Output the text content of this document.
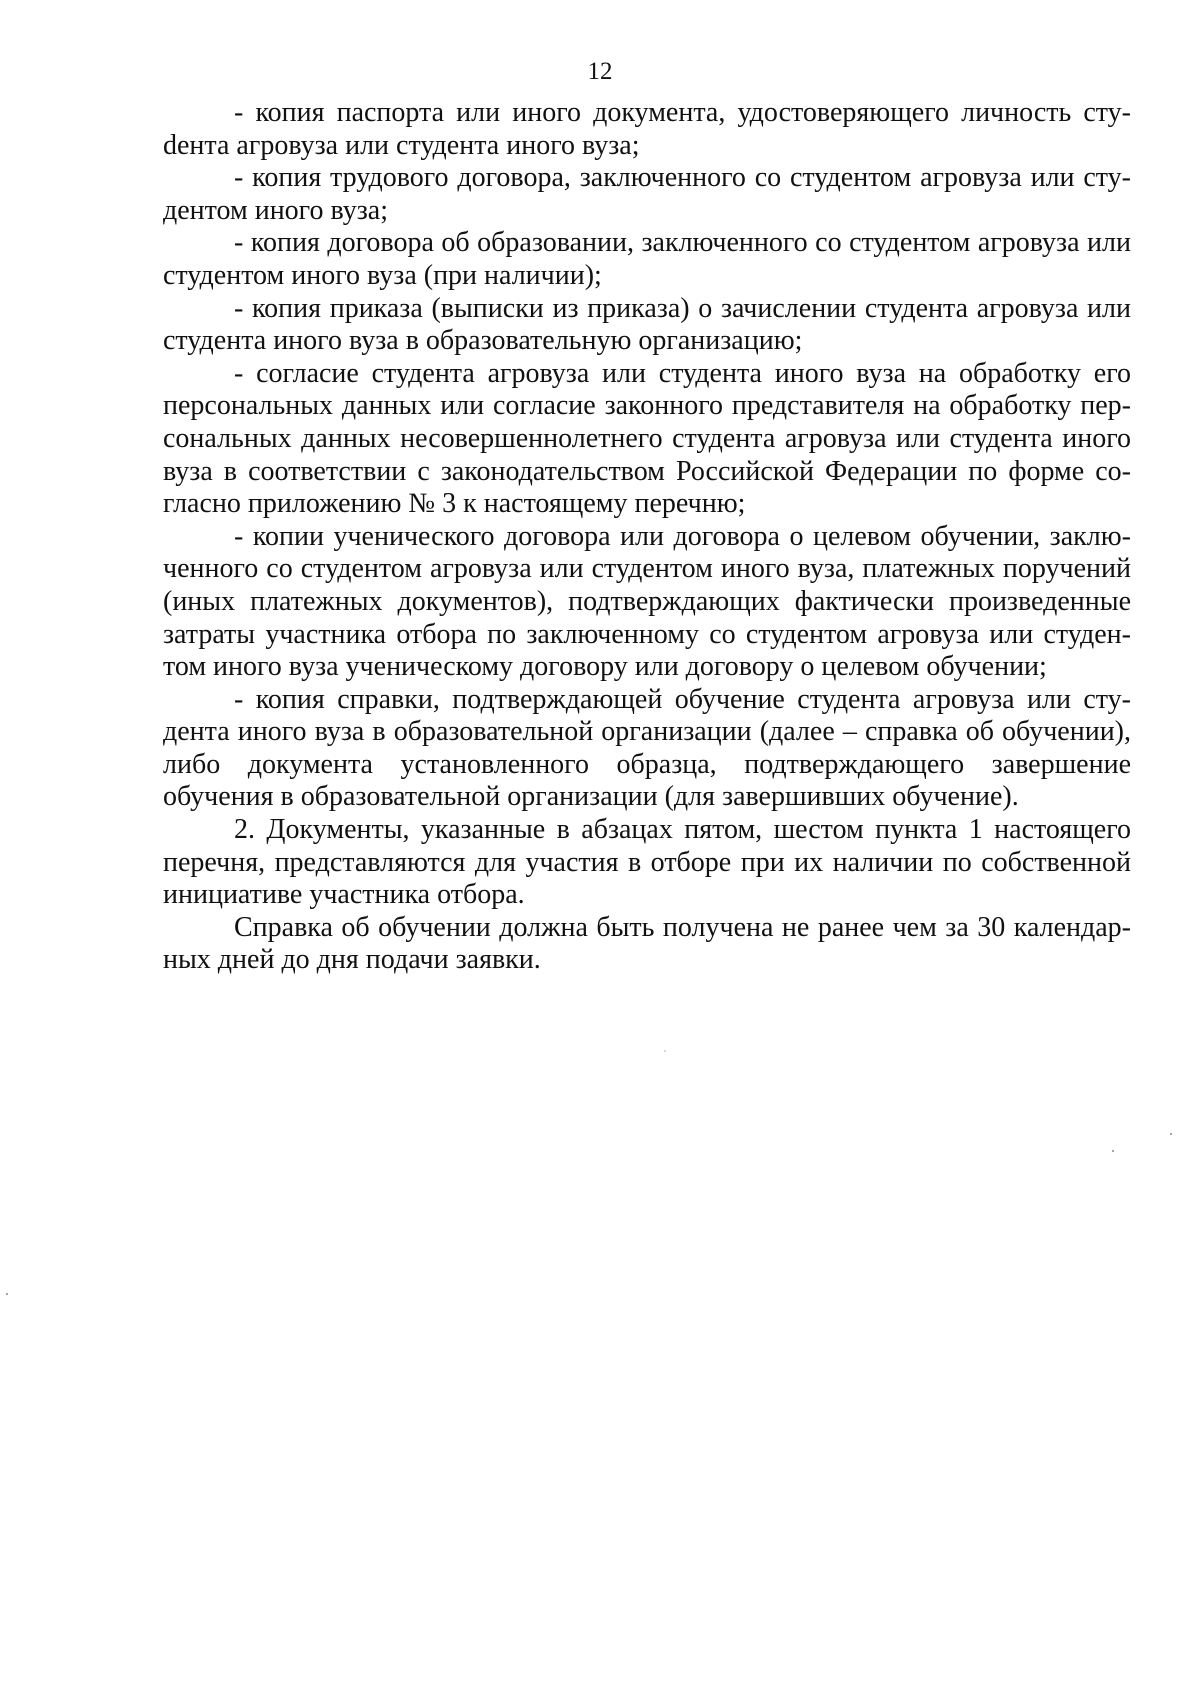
12

- копия паспорта или иного документа, удостоверяющего личность стуdента агровуза или студента иного вуза;

- копия трудового договора, заключенного со студентом агровуза или студентом иного вуза;

- копия договора об образовании, заключенного со студентом агровуза или студентом иного вуза (при наличии);

- копия приказа (выписки из приказа) о зачислении студента агровуза или студента иного вуза в образовательную организацию;

- согласие студента агровуза или студента иного вуза на обработку его персональных данных или согласие законного представителя на обработку персональных данных несовершеннолетнего студента агровуза или студента иного вуза в соответствии с законодательством Российской Федерации по форме согласно приложению № 3 к настоящему перечню;

- копии ученического договора или договора о целевом обучении, заключенного со студентом агровуза или студентом иного вуза, платежных поручений (иных платежных документов), подтверждающих фактически произведенные затраты участника отбора по заключенному со студентом агровуза или студентом иного вуза ученическому договору или договору о целевом обучении;

- копия справки, подтверждающей обучение студента агровуза или студента иного вуза в образовательной организации (далее – справка об обучении), либо документа установленного образца, подтверждающего завершение обучения в образовательной организации (для завершивших обучение).

2. Документы, указанные в абзацах пятом, шестом пункта 1 настоящего перечня, представляются для участия в отборе при их наличии по собственной инициативе участника отбора.

Справка об обучении должна быть получена не ранее чем за 30 календарных дней до дня подачи заявки.
